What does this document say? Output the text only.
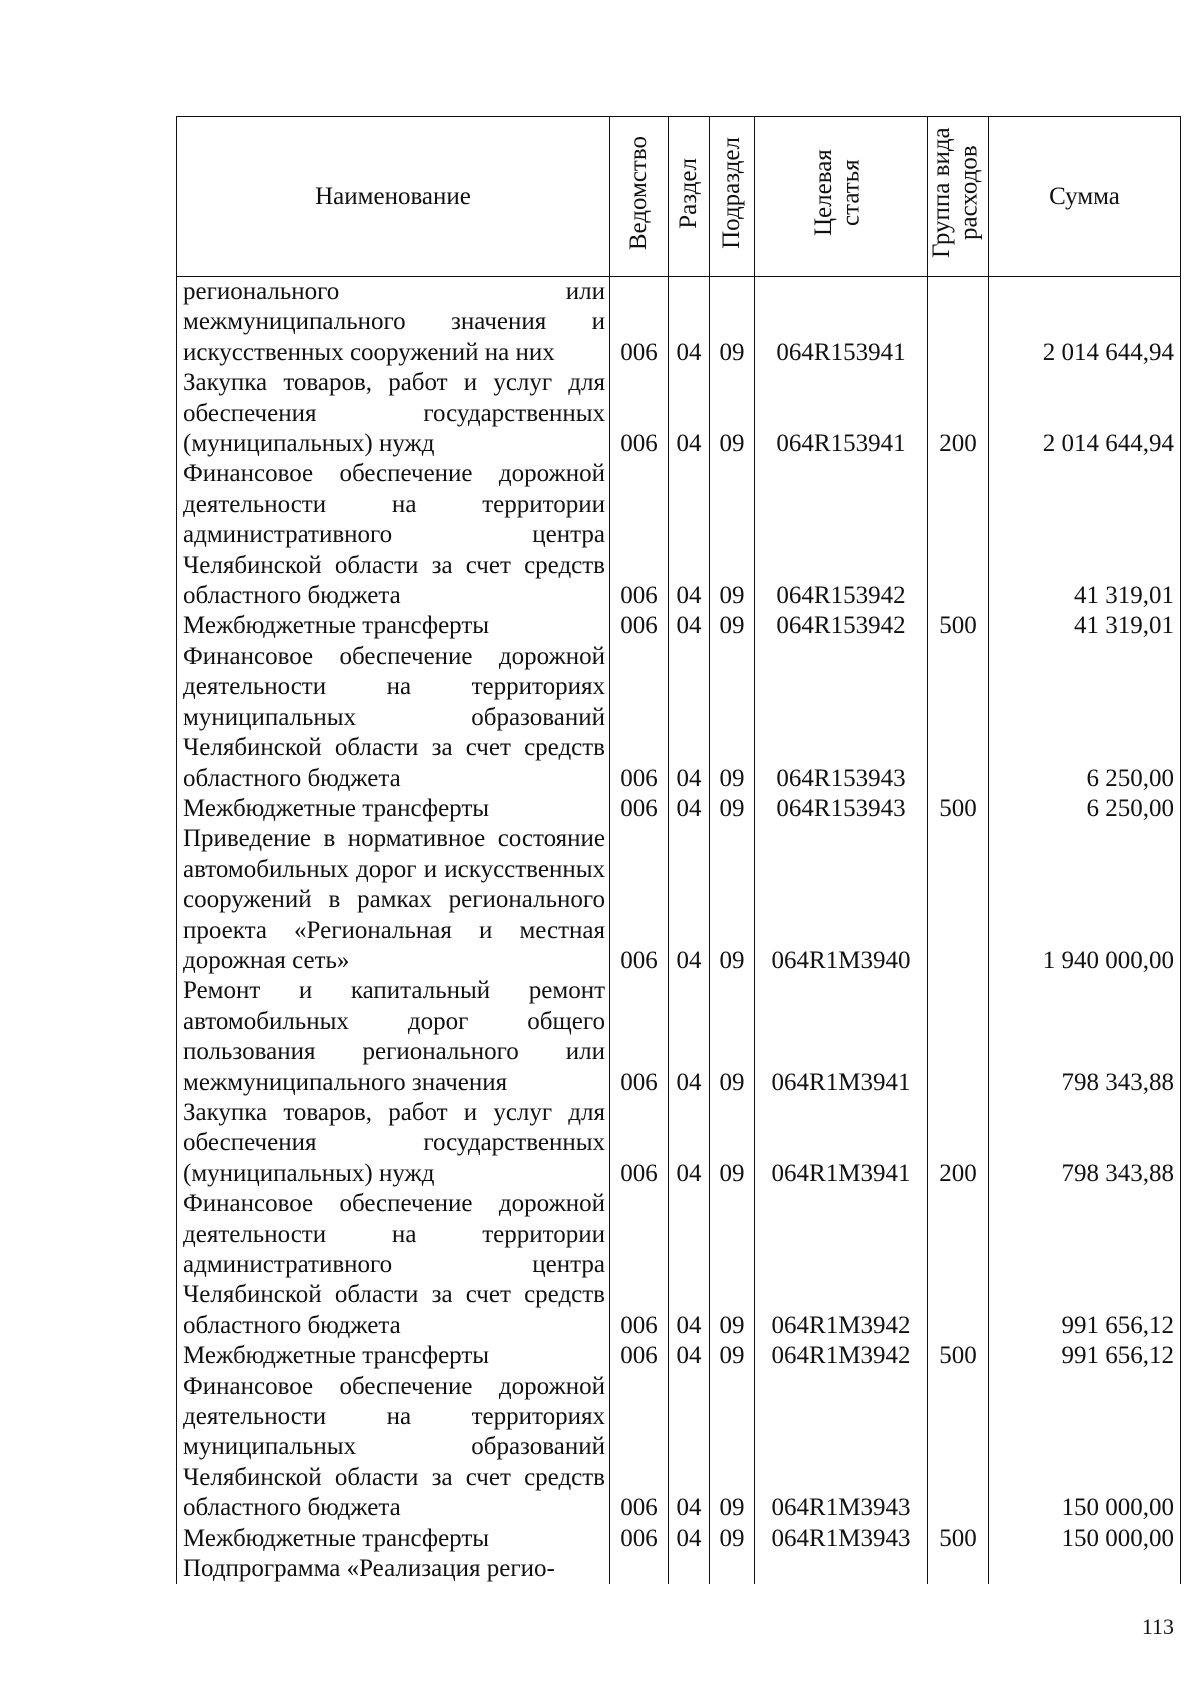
Наименование	Ведомство	Раздел	Подраздел	Целевая статья	Группа вида расходов	Сумма
регионального или межмуниципального значения и искусственных сооружений на них	006	04	09	064R153941		2 014 644,94
Закупка товаров, работ и услуг для обеспечения государственных (муниципальных) нужд	006	04	09	064R153941	200	2 014 644,94
Финансовое обеспечение дорожной деятельности на территории административного центра Челябинской области за счет средств областного бюджета	006	04	09	064R153942		41 319,01
Межбюджетные трансферты	006	04	09	064R153942	500	41 319,01
Финансовое обеспечение дорожной деятельности на территориях муниципальных образований Челябинской области за счет средств областного бюджета	006	04	09	064R153943		6 250,00
Межбюджетные трансферты	006	04	09	064R153943	500	6 250,00
Приведение в нормативное состояние автомобильных дорог и искусственных сооружений в рамках регионального проекта «Региональная и местная дорожная сеть»	006	04	09	064R1M3940		1 940 000,00
Ремонт и капитальный ремонт автомобильных дорог общего пользования регионального или межмуниципального значения	006	04	09	064R1M3941		798 343,88
Закупка товаров, работ и услуг для обеспечения государственных (муниципальных) нужд	006	04	09	064R1M3941	200	798 343,88
Финансовое обеспечение дорожной деятельности на территории административного центра Челябинской области за счет средств областного бюджета	006	04	09	064R1M3942		991 656,12
Межбюджетные трансферты	006	04	09	064R1M3942	500	991 656,12
Финансовое обеспечение дорожной деятельности на территориях муниципальных образований Челябинской области за счет средств областного бюджета	006	04	09	064R1M3943		150 000,00
Межбюджетные трансферты	006	04	09	064R1M3943	500	150 000,00
Подпрограмма «Реализация регио-						
113
